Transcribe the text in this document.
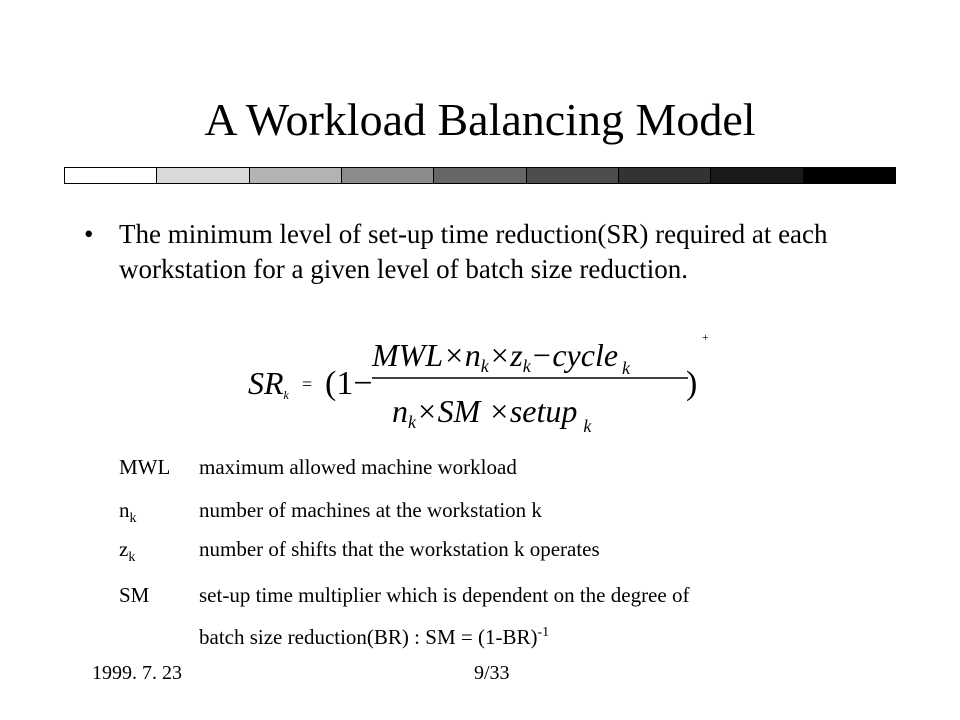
A Workload Balancing Model
• The minimum level of set-up time reduction(SR) required at each workstation for a given level of batch size reduction.
SRk
= (1−
MWL×nk×zk−cycle $_k$
nk×SM ×setup $_k$
)
+
MWL maximum allowed machine workload
$n_k$	number of machines at the workstation k
$z_k$	number of shifts that the workstation k operates
SM set-up time multiplier which is dependent on the degree of
batch size reduction(BR) : SM = $(1-BR)^{-1}$
1999. 7. 23	9/33
